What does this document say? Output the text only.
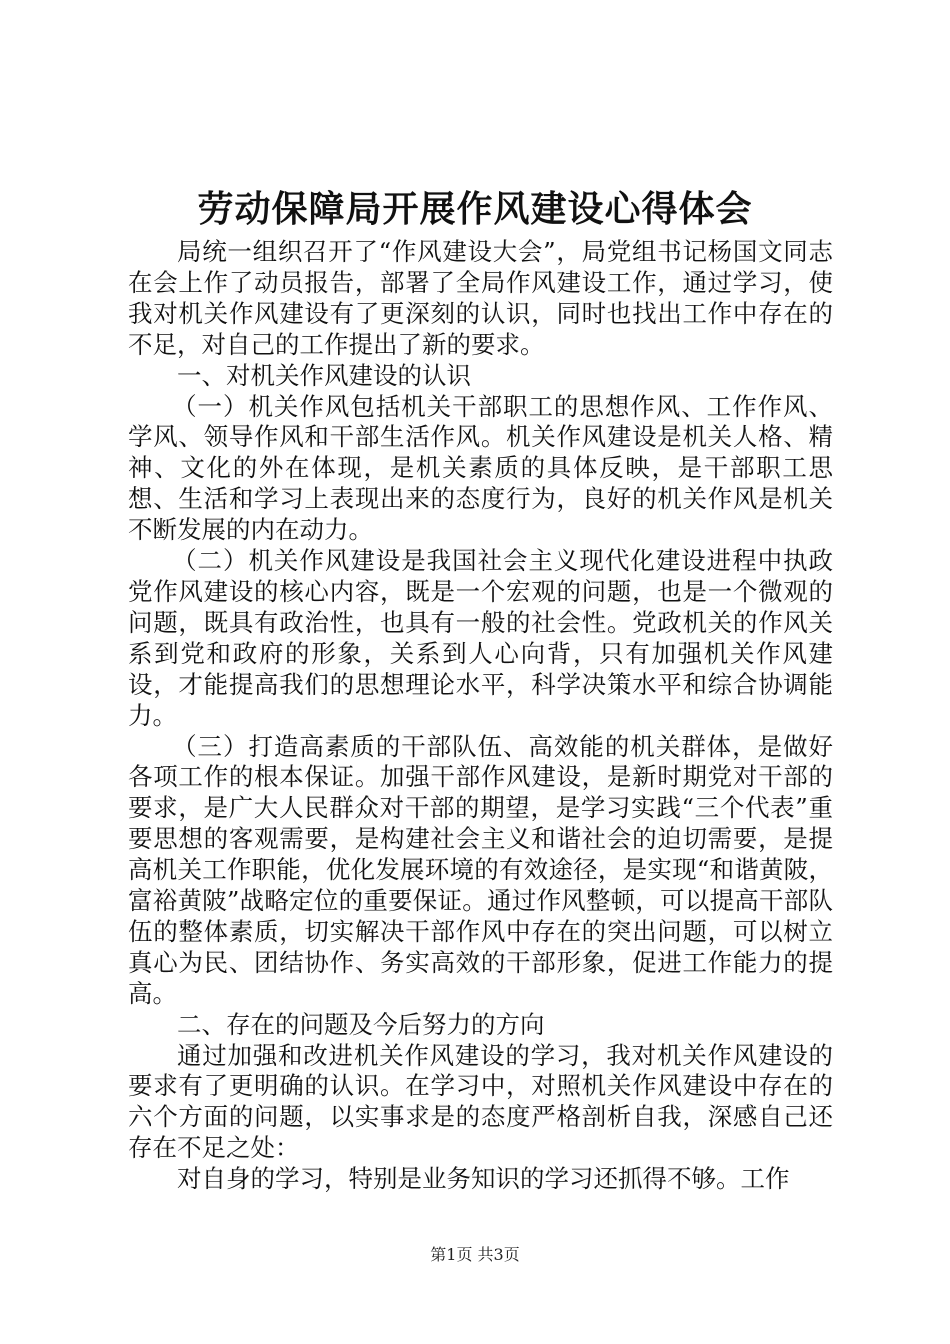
劳动保障局开展作风建设心得体会

局统一组织召开了“作风建设大会”，局党组书记杨国文同志在会上作了动员报告，部署了全局作风建设工作，通过学习，使我对机关作风建设有了更深刻的认识，同时也找出工作中存在的不足，对自己的工作提出了新的要求。

一、对机关作风建设的认识

（一）机关作风包括机关干部职工的思想作风、工作作风、学风、领导作风和干部生活作风。机关作风建设是机关人格、精神、文化的外在体现，是机关素质的具体反映，是干部职工思想、生活和学习上表现出来的态度行为，良好的机关作风是机关不断发展的内在动力。

（二）机关作风建设是我国社会主义现代化建设进程中执政党作风建设的核心内容，既是一个宏观的问题，也是一个微观的问题，既具有政治性，也具有一般的社会性。党政机关的作风关系到党和政府的形象，关系到人心向背，只有加强机关作风建设，才能提高我们的思想理论水平，科学决策水平和综合协调能力。

（三）打造高素质的干部队伍、高效能的机关群体，是做好各项工作的根本保证。加强干部作风建设，是新时期党对干部的要求，是广大人民群众对干部的期望，是学习实践“三个代表”重要思想的客观需要，是构建社会主义和谐社会的迫切需要，是提高机关工作职能，优化发展环境的有效途径，是实现“和谐黄陂，富裕黄陂”战略定位的重要保证。通过作风整顿，可以提高干部队伍的整体素质，切实解决干部作风中存在的突出问题，可以树立真心为民、团结协作、务实高效的干部形象，促进工作能力的提高。

二、存在的问题及今后努力的方向

通过加强和改进机关作风建设的学习，我对机关作风建设的要求有了更明确的认识。在学习中，对照机关作风建设中存在的六个方面的问题，以实事求是的态度严格剖析自我，深感自己还存在不足之处：

对自身的学习，特别是业务知识的学习还抓得不够。工作

第1页 共3页
